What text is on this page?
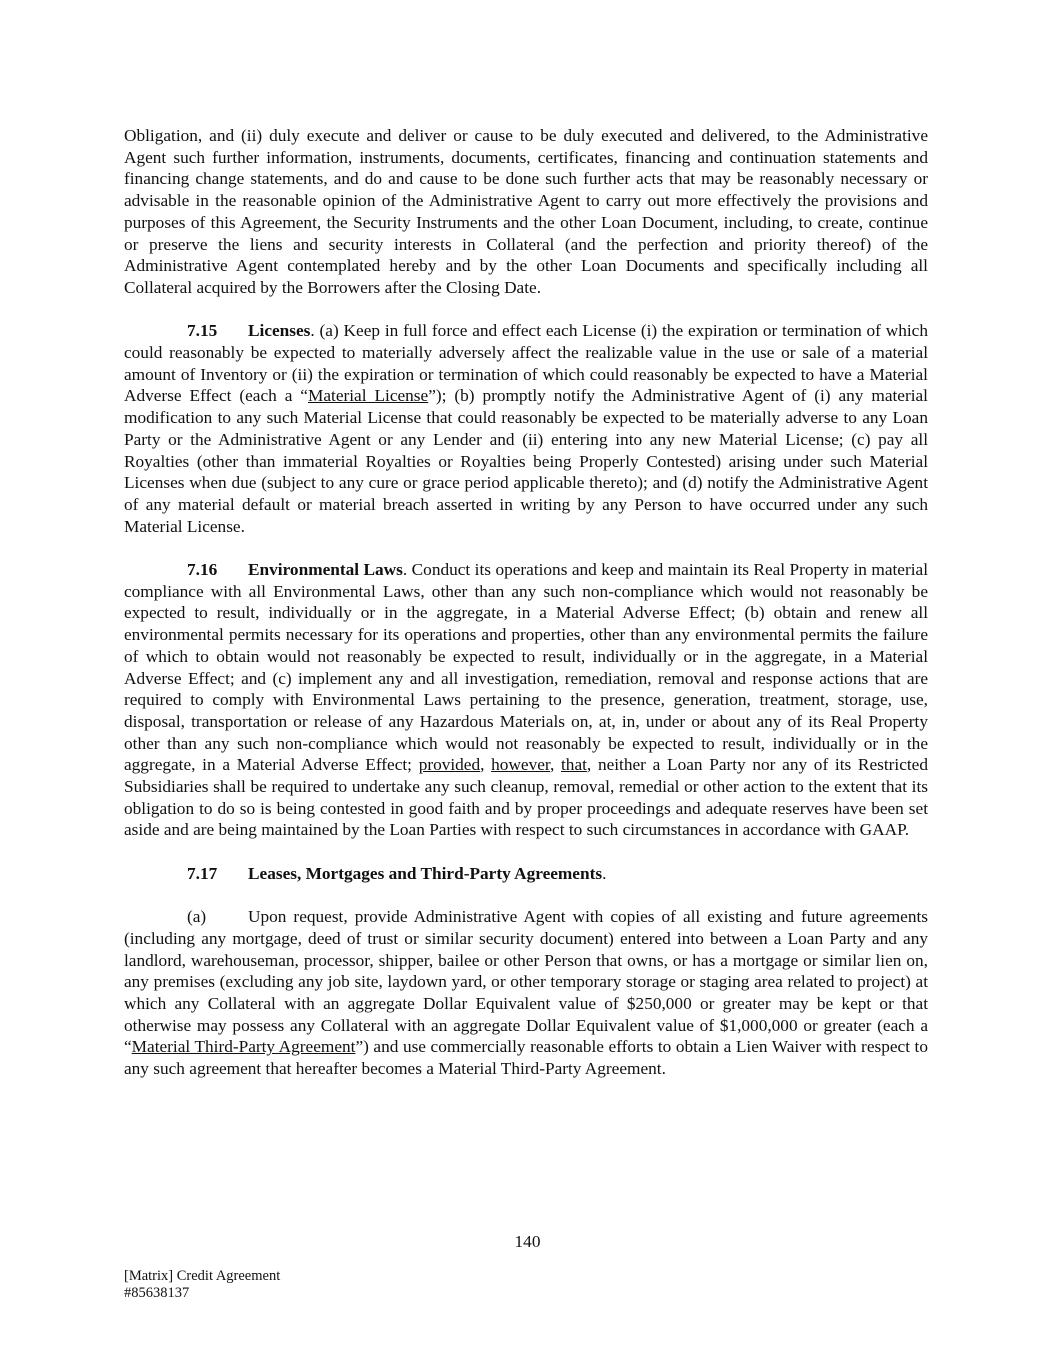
Obligation, and (ii) duly execute and deliver or cause to be duly executed and delivered, to the Administrative Agent such further information, instruments, documents, certificates, financing and continuation statements and financing change statements, and do and cause to be done such further acts that may be reasonably necessary or advisable in the reasonable opinion of the Administrative Agent to carry out more effectively the provisions and purposes of this Agreement, the Security Instruments and the other Loan Document, including, to create, continue or preserve the liens and security interests in Collateral (and the perfection and priority thereof) of the Administrative Agent contemplated hereby and by the other Loan Documents and specifically including all Collateral acquired by the Borrowers after the Closing Date.

7.15 Licenses. (a) Keep in full force and effect each License (i) the expiration or termination of which could reasonably be expected to materially adversely affect the realizable value in the use or sale of a material amount of Inventory or (ii) the expiration or termination of which could reasonably be expected to have a Material Adverse Effect (each a “Material License”); (b) promptly notify the Administrative Agent of (i) any material modification to any such Material License that could reasonably be expected to be materially adverse to any Loan Party or the Administrative Agent or any Lender and (ii) entering into any new Material License; (c) pay all Royalties (other than immaterial Royalties or Royalties being Properly Contested) arising under such Material Licenses when due (subject to any cure or grace period applicable thereto); and (d) notify the Administrative Agent of any material default or material breach asserted in writing by any Person to have occurred under any such Material License.

7.16 Environmental Laws. Conduct its operations and keep and maintain its Real Property in material compliance with all Environmental Laws, other than any such non-compliance which would not reasonably be expected to result, individually or in the aggregate, in a Material Adverse Effect; (b) obtain and renew all environmental permits necessary for its operations and properties, other than any environmental permits the failure of which to obtain would not reasonably be expected to result, individually or in the aggregate, in a Material Adverse Effect; and (c) implement any and all investigation, remediation, removal and response actions that are required to comply with Environmental Laws pertaining to the presence, generation, treatment, storage, use, disposal, transportation or release of any Hazardous Materials on, at, in, under or about any of its Real Property other than any such non-compliance which would not reasonably be expected to result, individually or in the aggregate, in a Material Adverse Effect; provided, however, that, neither a Loan Party nor any of its Restricted Subsidiaries shall be required to undertake any such cleanup, removal, remedial or other action to the extent that its obligation to do so is being contested in good faith and by proper proceedings and adequate reserves have been set aside and are being maintained by the Loan Parties with respect to such circumstances in accordance with GAAP.

7.17 Leases, Mortgages and Third-Party Agreements.

(a) Upon request, provide Administrative Agent with copies of all existing and future agreements (including any mortgage, deed of trust or similar security document) entered into between a Loan Party and any landlord, warehouseman, processor, shipper, bailee or other Person that owns, or has a mortgage or similar lien on, any premises (excluding any job site, laydown yard, or other temporary storage or staging area related to project) at which any Collateral with an aggregate Dollar Equivalent value of $250,000 or greater may be kept or that otherwise may possess any Collateral with an aggregate Dollar Equivalent value of $1,000,000 or greater (each a “Material Third-Party Agreement”) and use commercially reasonable efforts to obtain a Lien Waiver with respect to any such agreement that hereafter becomes a Material Third-Party Agreement.

140
[Matrix] Credit Agreement
#85638137
